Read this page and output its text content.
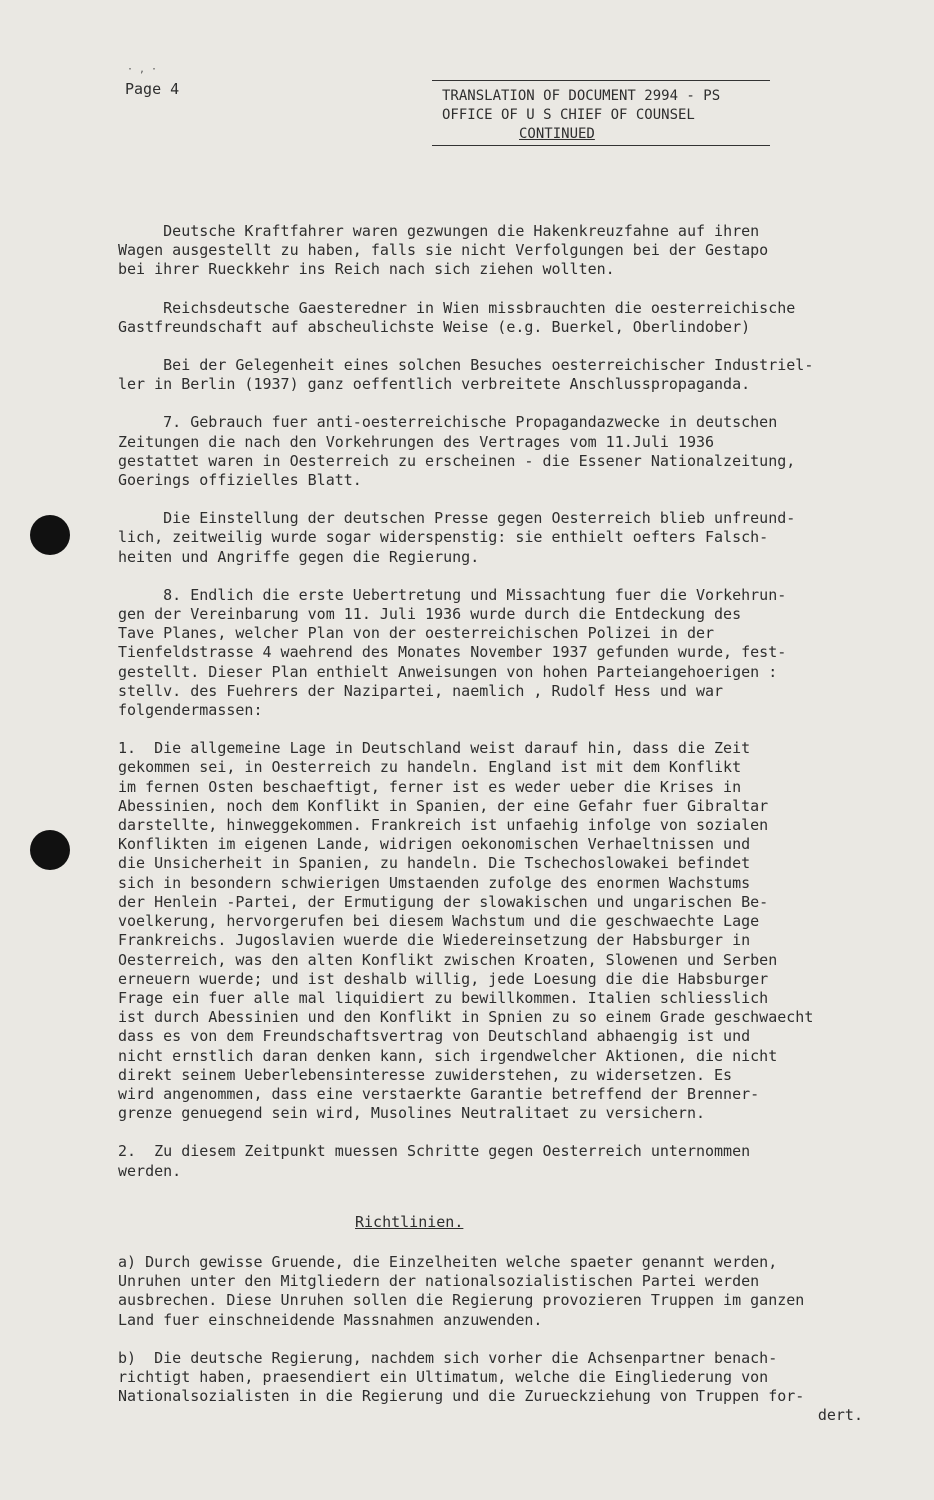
·,·
Page 4	TRANSLATION OF DOCUMENT 2994 - PS
OFFICE OF U S CHIEF OF COUNSEL
CONTINUED

Deutsche Kraftfahrer waren gezwungen die Hakenkreuzfahne auf ihren
Wagen ausgestellt zu haben, falls sie nicht Verfolgungen bei der Gestapo
bei ihrer Rueckkehr ins Reich nach sich ziehen wollten.

Reichsdeutsche Gaesteredner in Wien missbrauchten die oesterreichische
Gastfreundschaft auf abscheulichste Weise (e.g. Buerkel, Oberlindober)

Bei der Gelegenheit eines solchen Besuches oesterreichischer Industriel-
ler in Berlin (1937) ganz oeffentlich verbreitete Anschlusspropaganda.

7. Gebrauch fuer anti-oesterreichische Propagandazwecke in deutschen
Zeitungen die nach den Vorkehrungen des Vertrages vom 11.Juli 1936
gestattet waren in Oesterreich zu erscheinen - die Essener Nationalzeitung,
Goerings offizielles Blatt.

Die Einstellung der deutschen Presse gegen Oesterreich blieb unfreund-
lich, zeitweilig wurde sogar widerspenstig: sie enthielt oefters Falsch-
heiten und Angriffe gegen die Regierung.

8. Endlich die erste Uebertretung und Missachtung fuer die Vorkehrun-
gen der Vereinbarung vom 11. Juli 1936 wurde durch die Entdeckung des
Tave Planes, welcher Plan von der oesterreichischen Polizei in der
Tienfeldstrasse 4 waehrend des Monates November 1937 gefunden wurde, fest-
gestellt. Dieser Plan enthielt Anweisungen von hohen Parteiangehoerigen :
stellv. des Fuehrers der Nazipartei, naemlich , Rudolf Hess und war
folgendermassen:

1.  Die allgemeine Lage in Deutschland weist darauf hin, dass die Zeit
gekommen sei, in Oesterreich zu handeln. England ist mit dem Konflikt
im fernen Osten beschaeftigt, ferner ist es weder ueber die Krises in
Abessinien, noch dem Konflikt in Spanien, der eine Gefahr fuer Gibraltar
darstellte, hinweggekommen. Frankreich ist unfaehig infolge von sozialen
Konflikten im eigenen Lande, widrigen oekonomischen Verhaeltnissen und
die Unsicherheit in Spanien, zu handeln. Die Tschechoslowakei befindet
sich in besondern schwierigen Umstaenden zufolge des enormen Wachstums
der Henlein -Partei, der Ermutigung der slowakischen und ungarischen Be-
voelkerung, hervorgerufen bei diesem Wachstum und die geschwaechte Lage
Frankreichs. Jugoslavien wuerde die Wiedereinsetzung der Habsburger in
Oesterreich, was den alten Konflikt zwischen Kroaten, Slowenen und Serben
erneuern wuerde; und ist deshalb willig, jede Loesung die die Habsburger
Frage ein fuer alle mal liquidiert zu bewillkommen. Italien schliesslich
ist durch Abessinien und den Konflikt in Spnien zu so einem Grade geschwaecht
dass es von dem Freundschaftsvertrag von Deutschland abhaengig ist und
nicht ernstlich daran denken kann, sich irgendwelcher Aktionen, die nicht
direkt seinem Ueberlebensinteresse zuwiderstehen, zu widersetzen. Es
wird angenommen, dass eine verstaerkte Garantie betreffend der Brenner-
grenze genuegend sein wird, Musolines Neutralitaet zu versichern.

2.  Zu diesem Zeitpunkt muessen Schritte gegen Oesterreich unternommen
werden.

Richtlinien.

a) Durch gewisse Gruende, die Einzelheiten welche spaeter genannt werden,
Unruhen unter den Mitgliedern der nationalsozialistischen Partei werden
ausbrechen. Diese Unruhen sollen die Regierung provozieren Truppen im ganzen
Land fuer einschneidende Massnahmen anzuwenden.

b)  Die deutsche Regierung, nachdem sich vorher die Achsenpartner benach-
richtigt haben, praesendiert ein Ultimatum, welche die Eingliederung von
Nationalsozialisten in die Regierung und die Zurueckziehung von Truppen for-

dert.
